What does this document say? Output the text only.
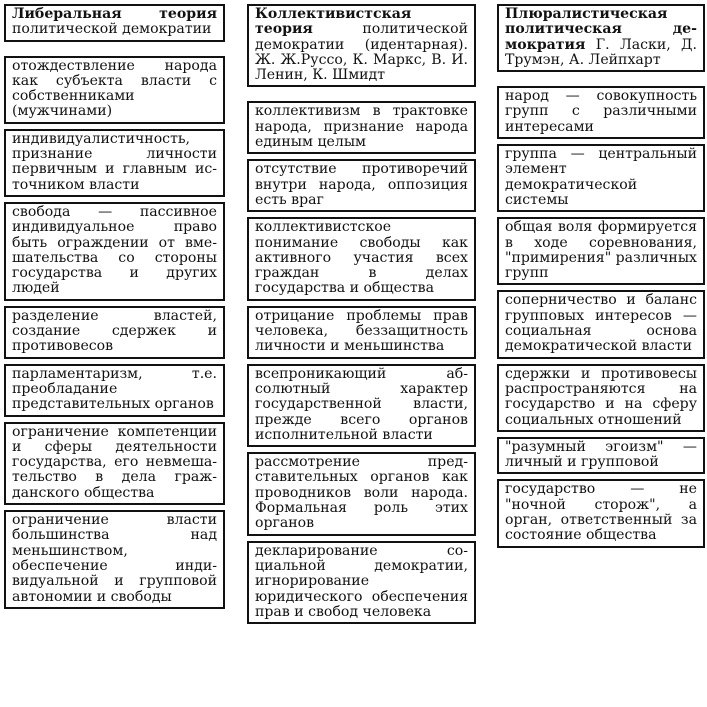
Либеральная теория политической демократии
отождествление народа как субъекта власти с собственниками (мужчинами)
индивидуалистичность, признание личности первичным и главным источником власти
свобода — пассивное индивидуальное право быть ограждении от вмешательства со стороны государства и других людей
разделение властей, создание сдержек и противовесов
парламентаризм, т.е. преобладание представительных органов
ограничение компетенции и сферы деятельности государства, его невмешательство в дела гражданского общества
ограничение власти большинства над меньшинством, обеспечение индивидуальной и групповой автономии и свободы
Коллективистская теория политической демократии (идентарная). Ж. Ж.Руссо, К. Маркс, В. И. Ленин, К. Шмидт
коллективизм в трактовке народа, признание народа единым целым
отсутствие противоречий внутри народа, оппозиция есть враг
коллективистское понимание свободы как активного участия всех граждан в делах государства и общества
отрицание проблемы прав человека, беззащитность личности и меньшинства
всепроникающий абсолютный характер государственной власти, прежде всего органов исполнительной власти
рассмотрение представительных органов как проводников воли народа. Формальная роль этих органов
декларирование социальной демократии, игнорирование юридического обеспечения прав и свобод человека
Плюралистическая политическая демократия Г. Ласки, Д. Трумэн, А. Лейпхарт
народ — совокупность групп с различными интересами
группа — центральный элемент демократической системы
общая воля формируется в ходе соревнования, "примирения" различных групп
соперничество и баланс групповых интересов — социальная основа демократической власти
сдержки и противовесы распространяются на государство и на сферу социальных отношений
"разумный эгоизм" — личный и групповой
государство — не "ночной сторож", а орган, ответственный за состояние общества
